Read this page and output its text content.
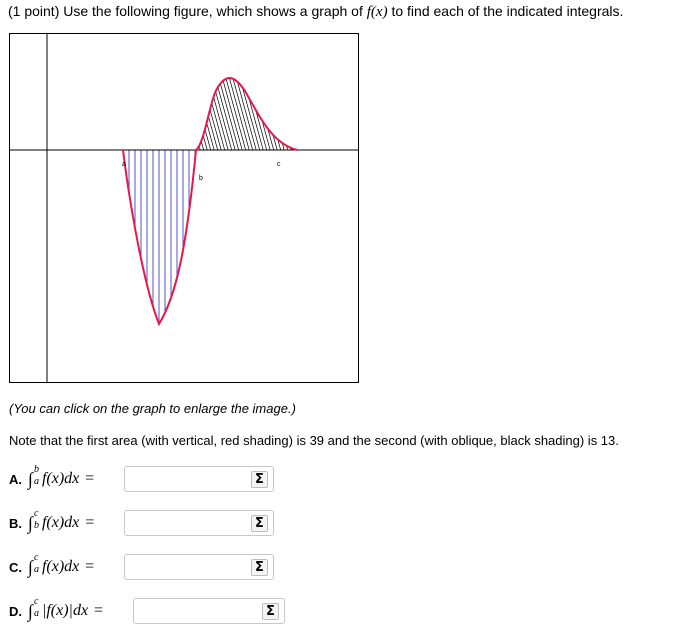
(1 point) Use the following figure, which shows a graph of f(x) to find each of the indicated integrals.
a
b
c
(You can click on the graph to enlarge the image.)
Note that the first area (with vertical, red shading) is 39 and the second (with oblique, black shading) is 13.
A. ∫ b
a f(x)dx =	Σ
B. ∫ c
b f(x)dx =	Σ
C. ∫ c
a f(x)dx =	Σ
D. ∫ c
a |f(x)|dx =	Σ
